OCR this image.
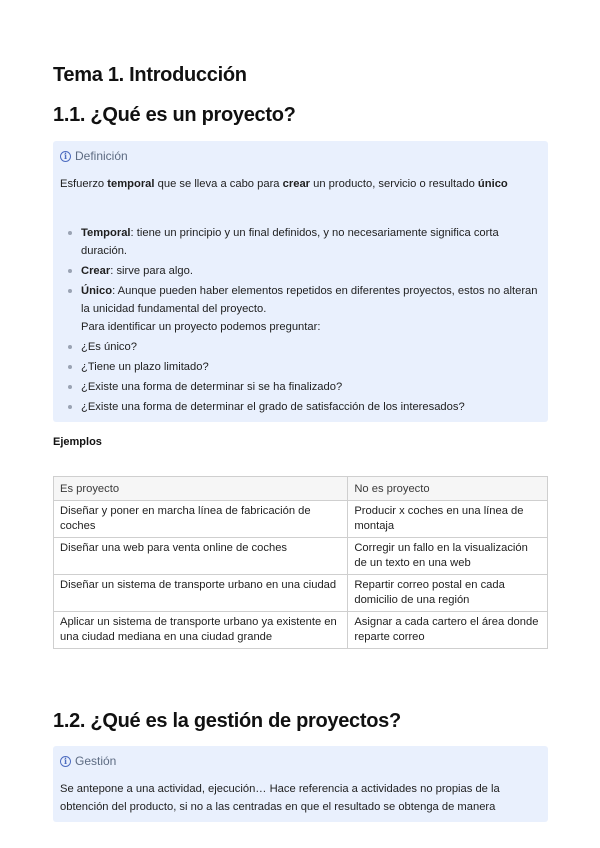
Tema 1. Introducción
1.1. ¿Qué es un proyecto?
i Definición

Esfuerzo temporal que se lleva a cabo para crear un producto, servicio o resultado único

Temporal: tiene un principio y un final definidos, y no necesariamente significa corta duración.
Crear: sirve para algo.
Único: Aunque pueden haber elementos repetidos en diferentes proyectos, estos no alteran la unicidad fundamental del proyecto.
Para identificar un proyecto podemos preguntar:
¿Es único?
¿Tiene un plazo limitado?
¿Existe una forma de determinar si se ha finalizado?
¿Existe una forma de determinar el grado de satisfacción de los interesados?
Ejemplos
Es proyecto	No es proyecto
Diseñar y poner en marcha línea de fabricación de coches	Producir x coches en una línea de montaja
Diseñar una web para venta online de coches	Corregir un fallo en la visualización de un texto en una web
Diseñar un sistema de transporte urbano en una ciudad	Repartir correo postal en cada domicilio de una región
Aplicar un sistema de transporte urbano ya existente en una ciudad mediana en una ciudad grande	Asignar a cada cartero el área donde reparte correo
1.2. ¿Qué es la gestión de proyectos?
i Gestión

Se antepone a una actividad, ejecución… Hace referencia a actividades no propias de la obtención del producto, si no a las centradas en que el resultado se obtenga de manera
